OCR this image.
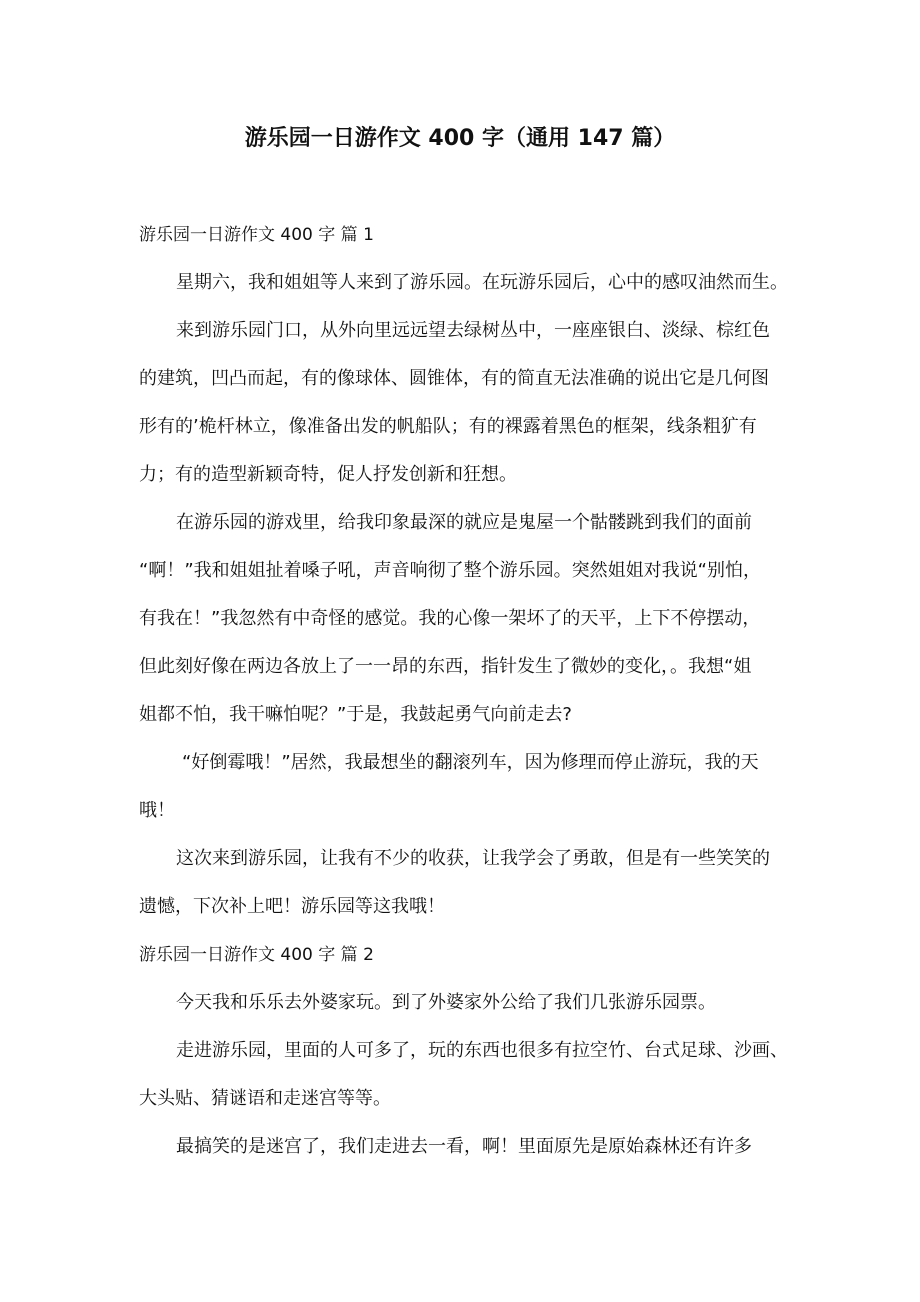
游乐园一日游作文 400 字（通用 147 篇）
游乐园一日游作文 400 字 篇 1
星期六，我和姐姐等人来到了游乐园。在玩游乐园后，心中的感叹油然而生。
来到游乐园门口，从外向里远远望去绿树丛中，一座座银白、淡绿、棕红色
的建筑，凹凸而起，有的像球体、圆锥体，有的简直无法准确的说出它是几何图
形有的’桅杆林立，像准备出发的帆船队；有的裸露着黑色的框架，线条粗犷有
力；有的造型新颖奇特，促人抒发创新和狂想。
在游乐园的游戏里，给我印象最深的就应是鬼屋一个骷髅跳到我们的面前
“啊！”我和姐姐扯着嗓子吼，声音响彻了整个游乐园。突然姐姐对我说“别怕，
有我在！”我忽然有中奇怪的感觉。我的心像一架坏了的天平，上下不停摆动，
但此刻好像在两边各放上了一一昂的东西，指针发生了微妙的变化，。我想“姐
姐都不怕，我干嘛怕呢？”于是，我鼓起勇气向前走去?
“好倒霉哦！”居然，我最想坐的翻滚列车，因为修理而停止游玩，我的天
哦！
这次来到游乐园，让我有不少的收获，让我学会了勇敢，但是有一些笑笑的
遗憾，下次补上吧！游乐园等这我哦！
游乐园一日游作文 400 字 篇 2
今天我和乐乐去外婆家玩。到了外婆家外公给了我们几张游乐园票。
走进游乐园，里面的人可多了，玩的东西也很多有拉空竹、台式足球、沙画、
大头贴、猜谜语和走迷宫等等。
最搞笑的是迷宫了，我们走进去一看，啊！里面原先是原始森林还有许多
